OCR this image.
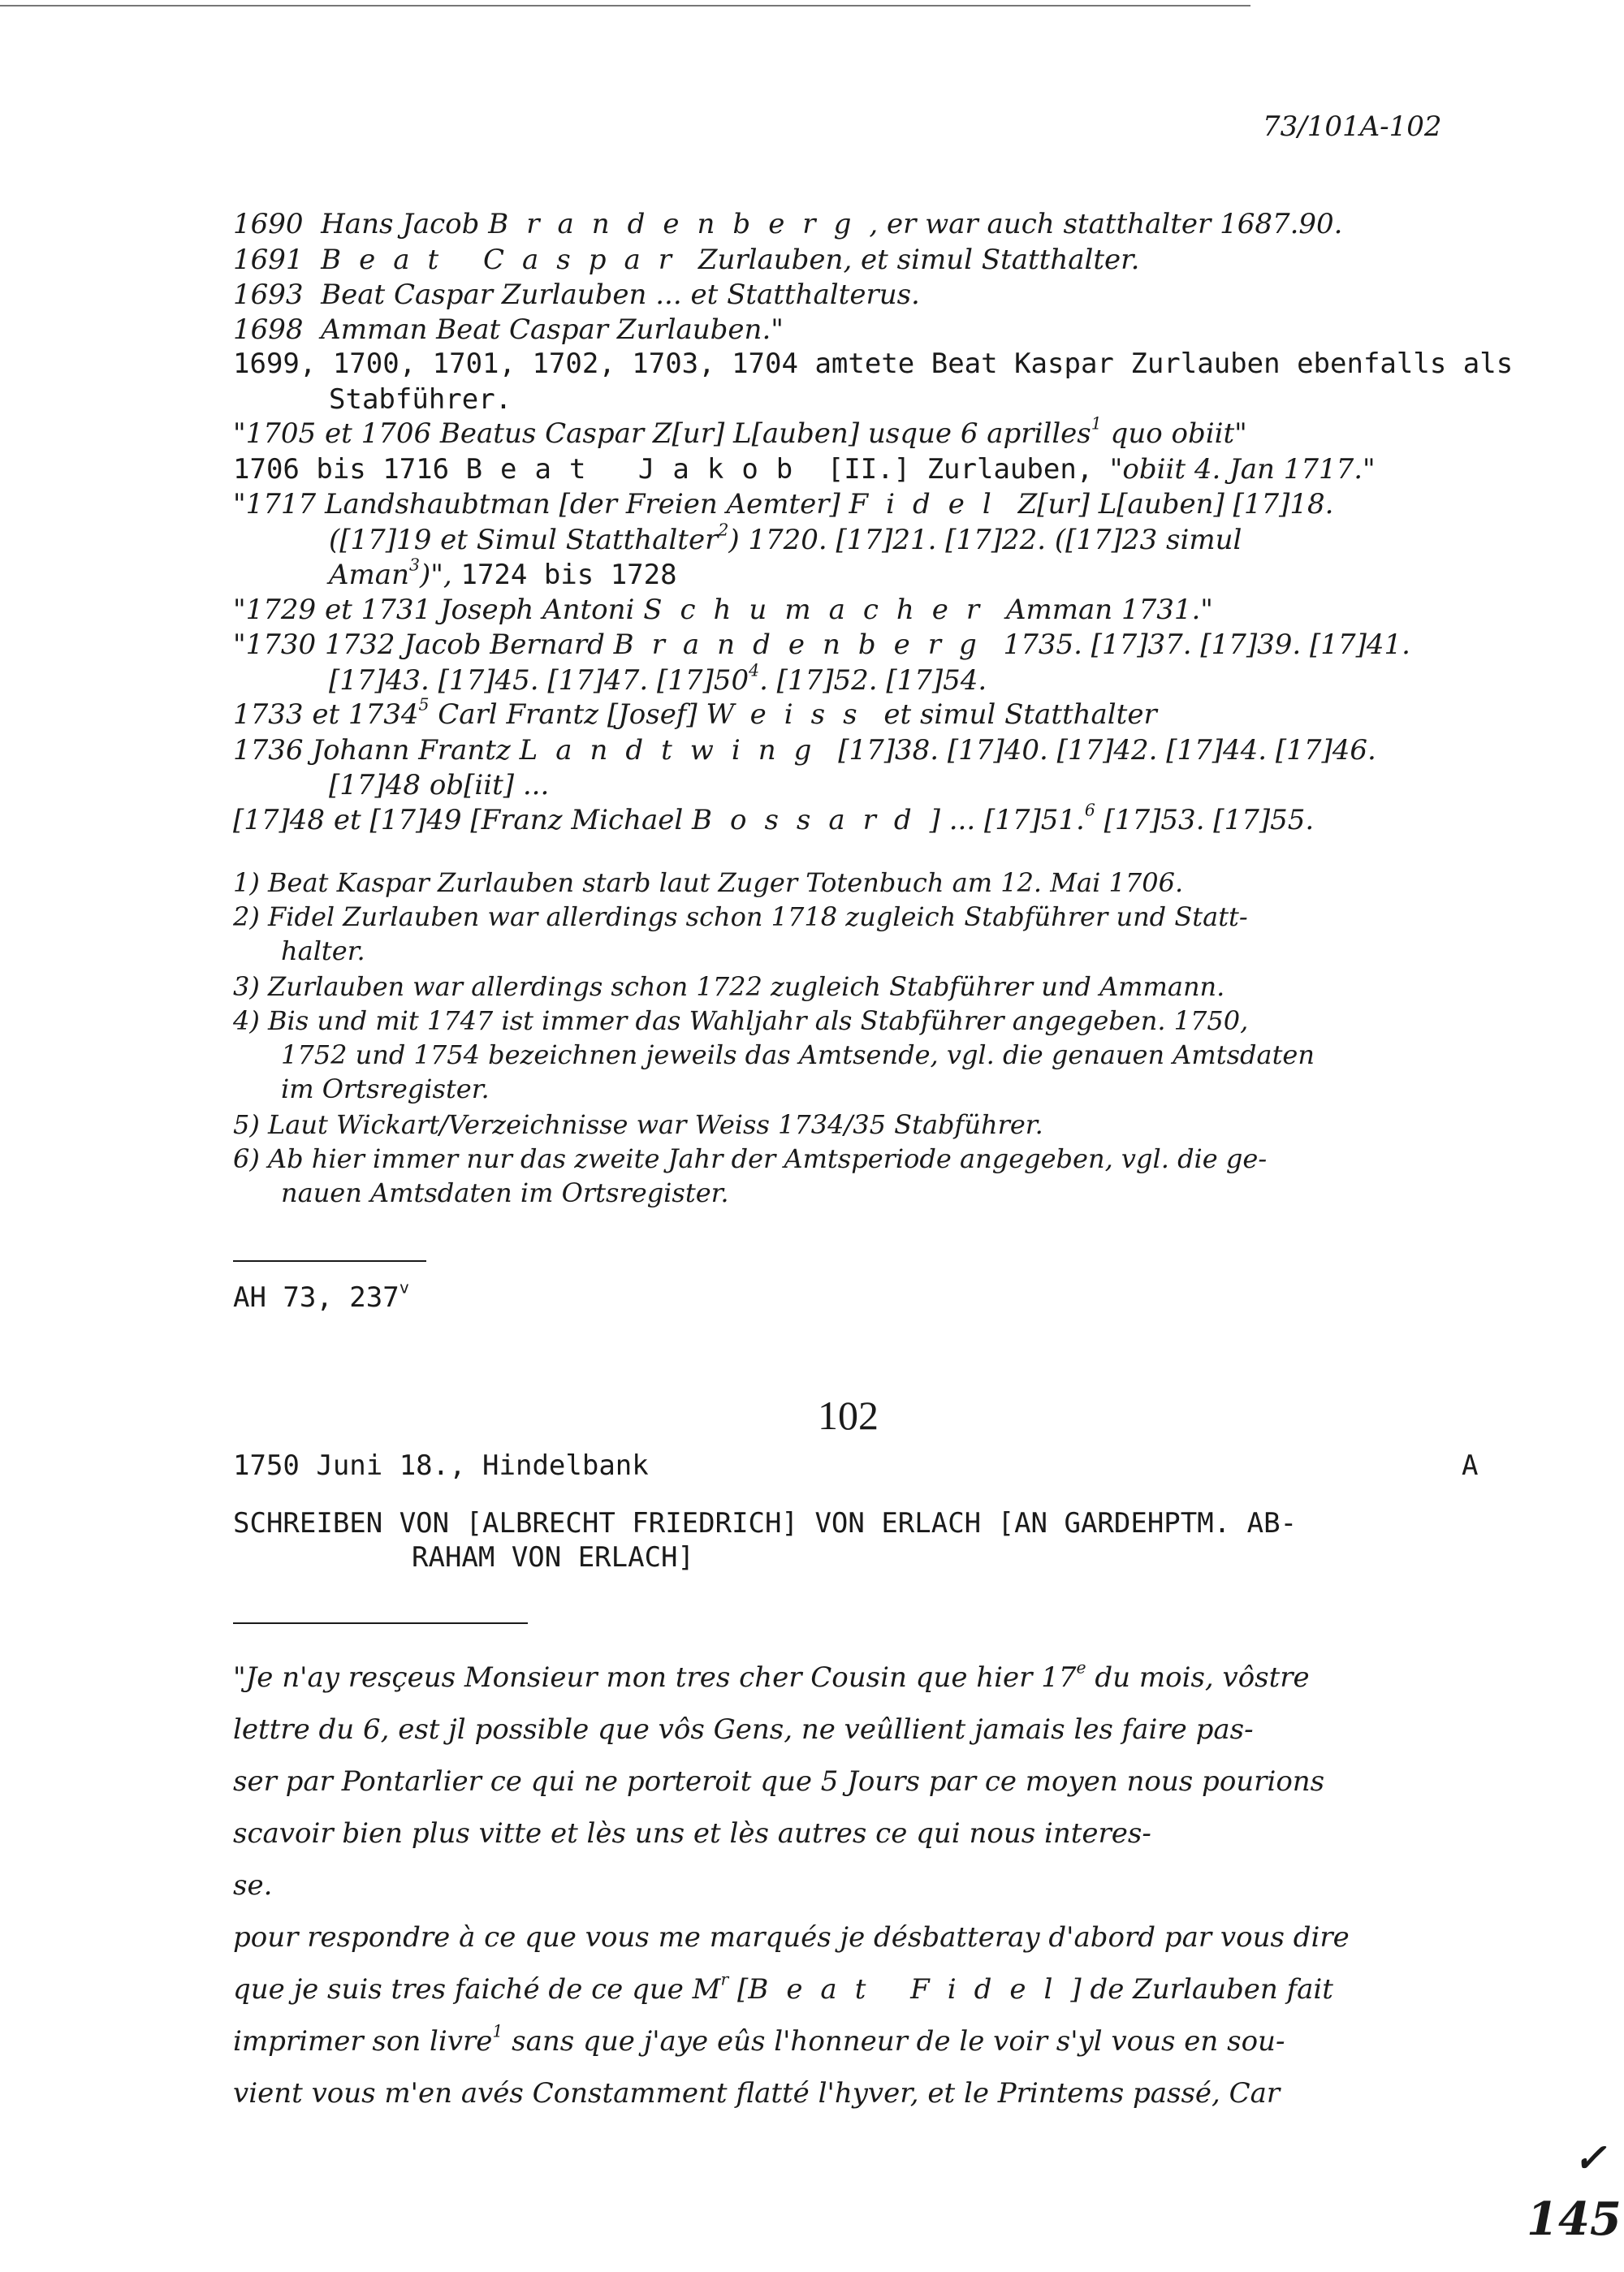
73/101A-102
1690 Hans Jacob Brandenberg, er war auch statthalter 1687.90.
1691 Beat Caspar Zurlauben, et simul Statthalter.
1693 Beat Caspar Zurlauben ... et Statthalterus.
1698 Amman Beat Caspar Zurlauben."
1699, 1700, 1701, 1702, 1703, 1704 amtete Beat Kaspar Zurlauben ebenfalls als
Stabführer.
"1705 et 1706 Beatus Caspar Z[ur] L[auben] usque 6 aprilles$^1$ quo obiit"
1706 bis 1716 Beat Jakob [II.] Zurlauben, "obiit 4. Jan 1717."
"1717 Landshaubtman [der Freien Aemter] Fidel Z[ur] L[auben] [17]18.
([17]19 et Simul Statthalter$^2$) 1720. [17]21. [17]22. ([17]23 simul
Aman$^3$)", 1724 bis 1728
"1729 et 1731 Joseph Antoni Schumacher Amman 1731."
"1730 1732 Jacob Bernard Brandenberg 1735. [17]37. [17]39. [17]41.
[17]43. [17]45. [17]47. $[17]50^4$. [17]52. [17]54.
1733 et 1734$^5$ Carl Frantz [Josef] Weiss et simul Statthalter
1736 Johann Frantz Landtwing [17]38. [17]40. [17]42. [17]44. [17]46.
[17]48 ob[iit] ...
[17]48 et [17]49 [Franz Michael Bossard] ... [17]51.$^6$ [17]53. [17]55.
1) Beat Kaspar Zurlauben starb laut Zuger Totenbuch am 12. Mai 1706.
2) Fidel Zurlauben war allerdings schon 1718 zugleich Stabführer und Statt-
halter.
3) Zurlauben war allerdings schon 1722 zugleich Stabführer und Ammann.
4) Bis und mit 1747 ist immer das Wahljahr als Stabführer angegeben. 1750,
1752 und 1754 bezeichnen jeweils das Amtsende, vgl. die genauen Amtsdaten
im Ortsregister.
5) Laut Wickart/Verzeichnisse war Weiss 1734/35 Stabführer.
6) Ab hier immer nur das zweite Jahr der Amtsperiode angegeben, vgl. die ge-
nauen Amtsdaten im Ortsregister.
AH 73, 237$^v$
102
1750 Juni 18., Hindelbank	A
SCHREIBEN VON [ALBRECHT FRIEDRICH] VON ERLACH [AN GARDEHPTM. AB-
RAHAM VON ERLACH]
"Je n'ay resçeus Monsieur mon tres cher Cousin que hier 17e du mois, vôstre
lettre du 6, est jl possible que vôs Gens, ne veûllient jamais les faire pas-
ser par Pontarlier ce qui ne porteroit que 5 Jours par ce moyen nous pourions
scavoir bien plus vitte et lès uns et lès autres ce qui nous interes-
se.
pour respondre à ce que vous me marqués je désbatteray d'abord par vous dire
que je suis tres faiché de ce que $M^r$ [Beat Fidel] de Zurlauben fait
imprimer son livre$^1$ sans que j'aye eûs l'honneur de le voir s'yl vous en sou-
vient vous m'en avés Constamment flatté l'hyver, et le Printems passé, Car
✓
145
